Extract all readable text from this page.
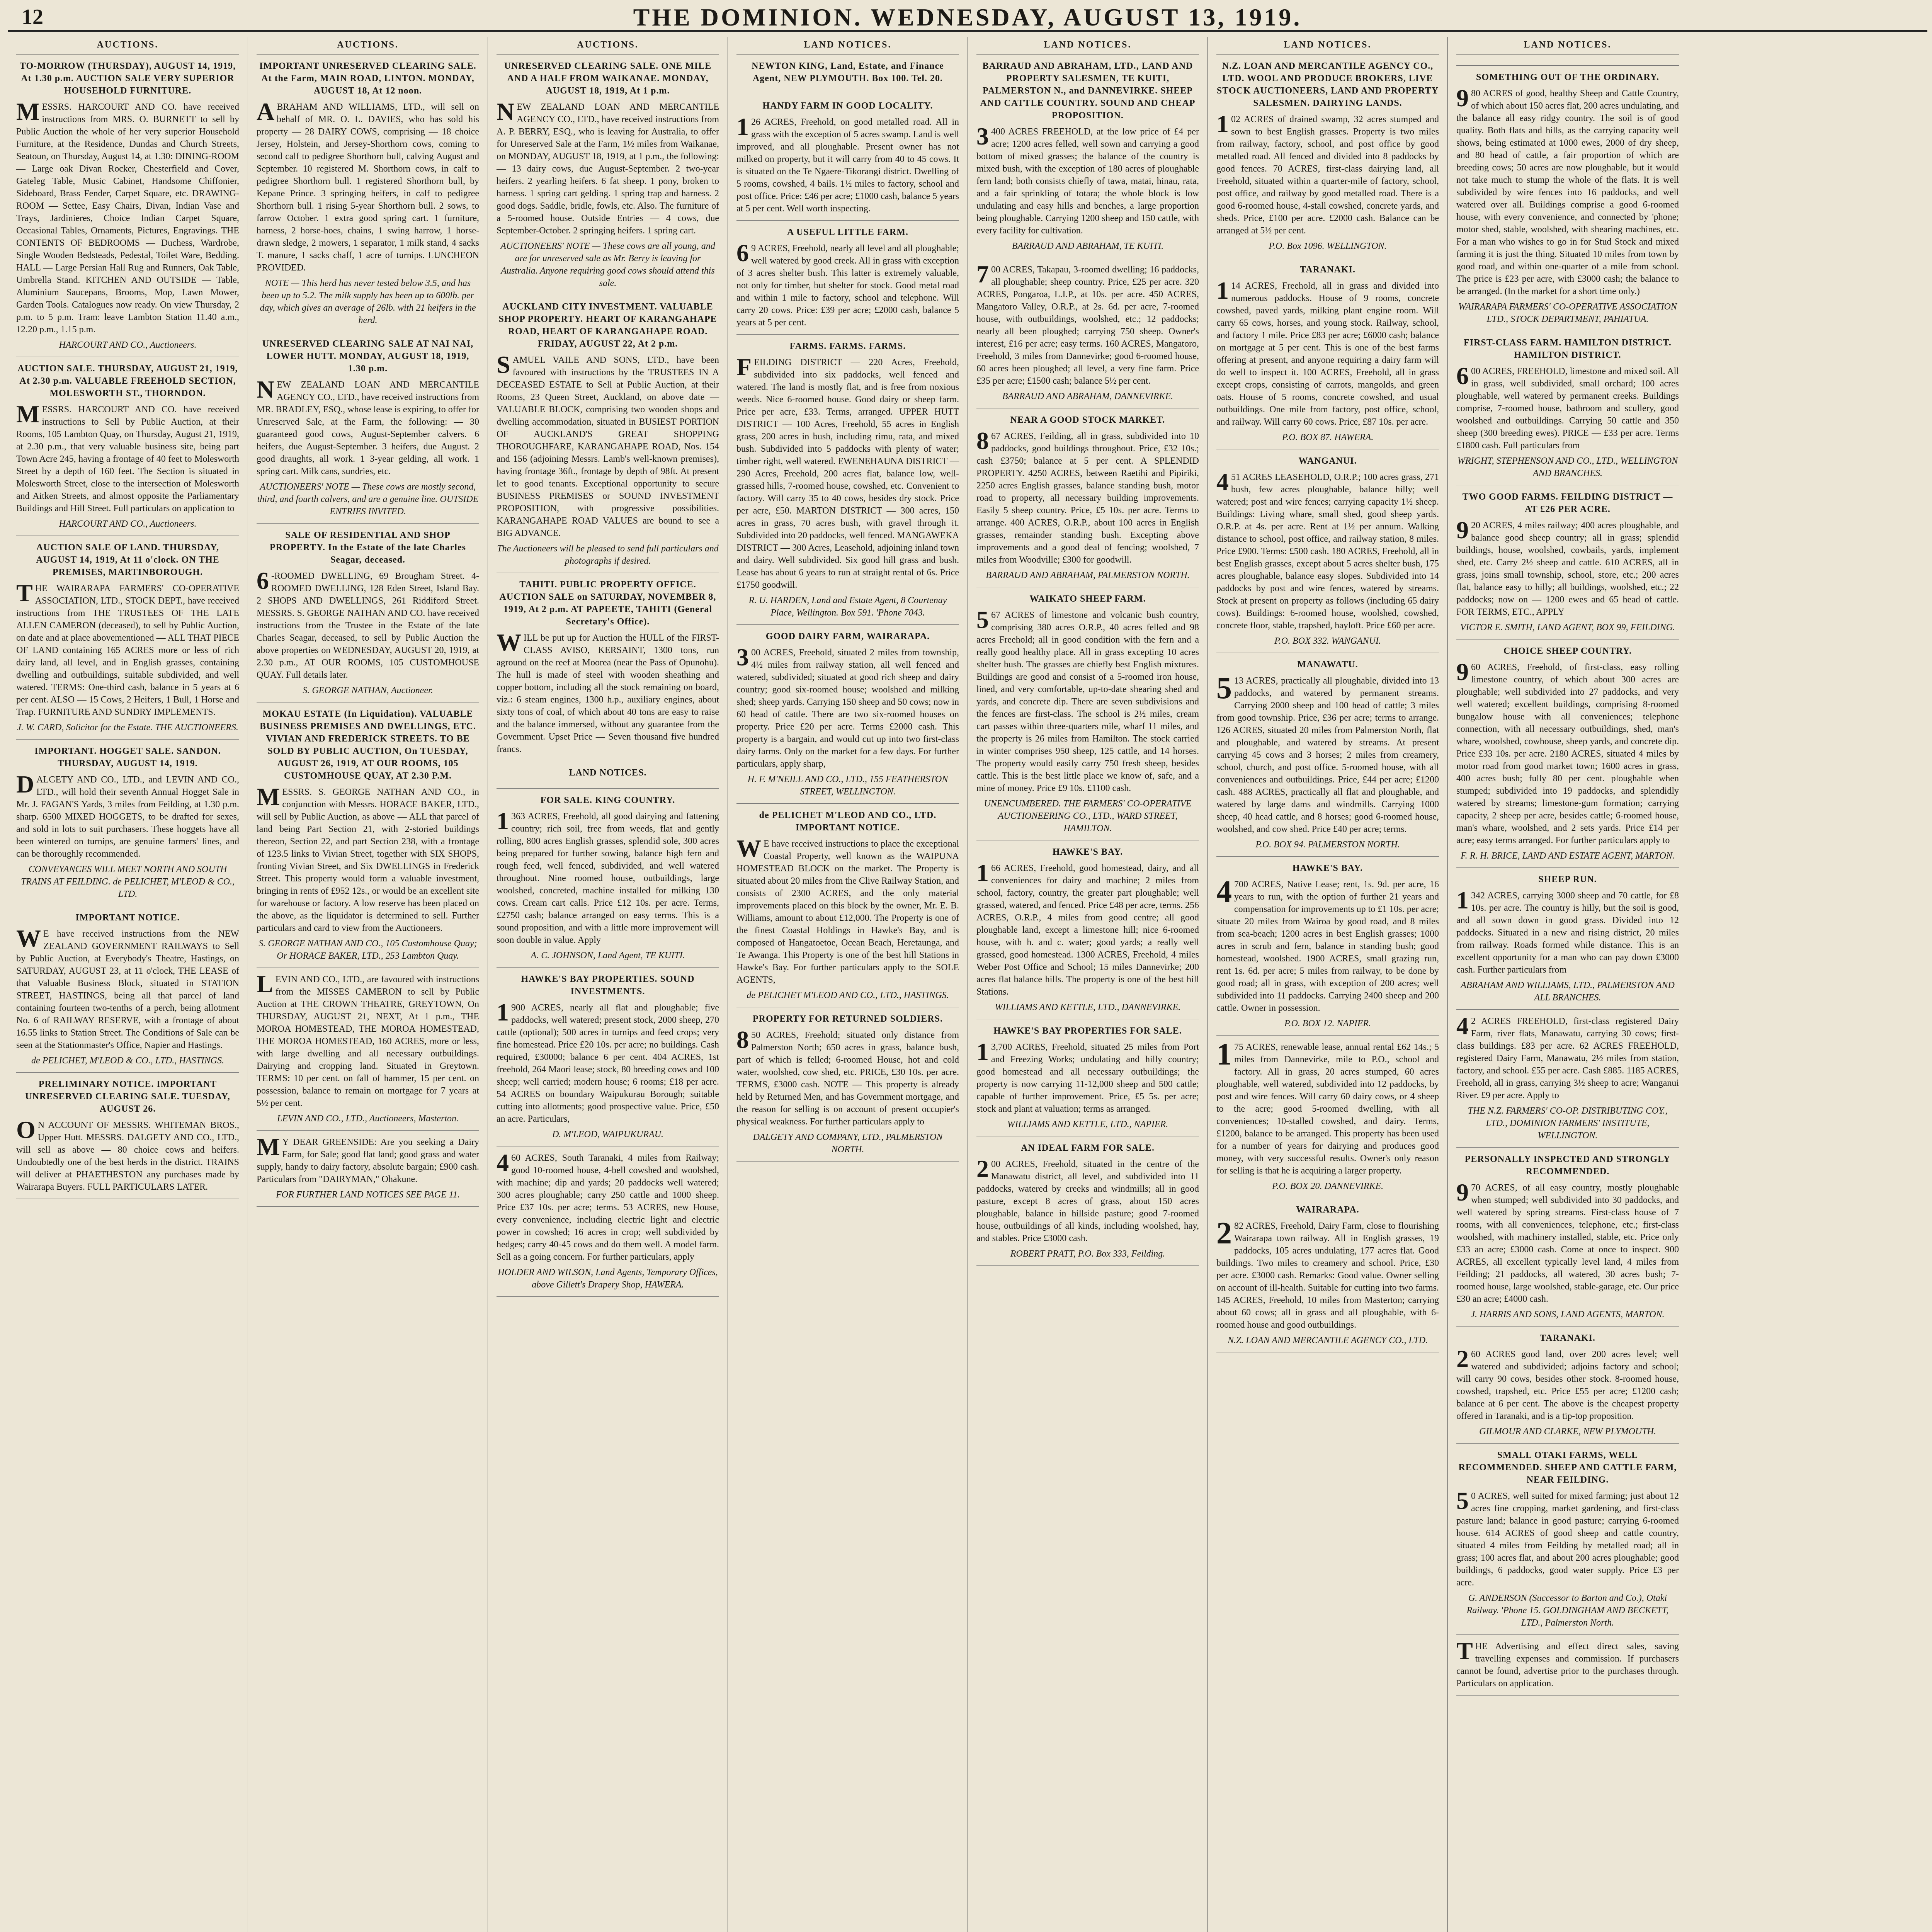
12	THE DOMINION. WEDNESDAY, AUGUST 13, 1919.
AUCTIONS.
TO-MORROW (THURSDAY), AUGUST 14, 1919, At 1.30 p.m. AUCTION SALE VERY SUPERIOR HOUSEHOLD FURNITURE.
MESSRS. HARCOURT AND CO. have received instructions from MRS. O. BURNETT to sell by Public Auction the whole of her very superior Household Furniture, at the Residence, Dundas and Church Streets, Seatoun, on Thursday, August 14, at 1.30: DINING-ROOM — Large oak Divan Rocker, Chesterfield and Cover, Gateleg Table, Music Cabinet, Handsome Chiffonier, Sideboard, Brass Fender, Carpet Square, etc. DRAWING-ROOM — Settee, Easy Chairs, Divan, Indian Vase and Trays, Jardinieres, Choice Indian Carpet Square, Occasional Tables, Ornaments, Pictures, Engravings. THE CONTENTS OF BEDROOMS — Duchess, Wardrobe, Single Wooden Bedsteads, Pedestal, Toilet Ware, Bedding. HALL — Large Persian Hall Rug and Runners, Oak Table, Umbrella Stand. KITCHEN AND OUTSIDE — Table, Aluminium Saucepans, Brooms, Mop, Lawn Mower, Garden Tools. Catalogues now ready. On view Thursday, 2 p.m. to 5 p.m. Tram: leave Lambton Station 11.40 a.m., 12.20 p.m., 1.15 p.m.
HARCOURT AND CO., Auctioneers.
AUCTION SALE. THURSDAY, AUGUST 21, 1919, At 2.30 p.m. VALUABLE FREEHOLD SECTION, MOLESWORTH ST., THORNDON.
MESSRS. HARCOURT AND CO. have received instructions to Sell by Public Auction, at their Rooms, 105 Lambton Quay, on Thursday, August 21, 1919, at 2.30 p.m., that very valuable business site, being part Town Acre 245, having a frontage of 40 feet to Molesworth Street by a depth of 160 feet. The Section is situated in Molesworth Street, close to the intersection of Molesworth and Aitken Streets, and almost opposite the Parliamentary Buildings and Hill Street. Full particulars on application to
HARCOURT AND CO., Auctioneers.
AUCTION SALE OF LAND. THURSDAY, AUGUST 14, 1919, At 11 o'clock. ON THE PREMISES, MARTINBOROUGH.
THE WAIRARAPA FARMERS' CO-OPERATIVE ASSOCIATION, LTD., STOCK DEPT., have received instructions from THE TRUSTEES OF THE LATE ALLEN CAMERON (deceased), to sell by Public Auction, on date and at place abovementioned — ALL THAT PIECE OF LAND containing 165 ACRES more or less of rich dairy land, all level, and in English grasses, containing dwelling and outbuildings, suitable subdivided, and well watered. TERMS: One-third cash, balance in 5 years at 6 per cent. ALSO — 15 Cows, 2 Heifers, 1 Bull, 1 Horse and Trap. FURNITURE AND SUNDRY IMPLEMENTS.
J. W. CARD, Solicitor for the Estate. THE AUCTIONEERS.
IMPORTANT. HOGGET SALE. SANDON. THURSDAY, AUGUST 14, 1919.
DALGETY AND CO., LTD., and LEVIN AND CO., LTD., will hold their seventh Annual Hogget Sale in Mr. J. FAGAN'S Yards, 3 miles from Feilding, at 1.30 p.m. sharp. 6500 MIXED HOGGETS, to be drafted for sexes, and sold in lots to suit purchasers. These hoggets have all been wintered on turnips, are genuine farmers' lines, and can be thoroughly recommended.
CONVEYANCES WILL MEET NORTH AND SOUTH TRAINS AT FEILDING. de PELICHET, M'LEOD & CO., LTD.
IMPORTANT NOTICE.
WE have received instructions from the NEW ZEALAND GOVERNMENT RAILWAYS to Sell by Public Auction, at Everybody's Theatre, Hastings, on SATURDAY, AUGUST 23, at 11 o'clock, THE LEASE of that Valuable Business Block, situated in STATION STREET, HASTINGS, being all that parcel of land containing fourteen two-tenths of a perch, being allotment No. 6 of RAILWAY RESERVE, with a frontage of about 16.55 links to Station Street. The Conditions of Sale can be seen at the Stationmaster's Office, Napier and Hastings.
de PELICHET, M'LEOD & CO., LTD., HASTINGS.
PRELIMINARY NOTICE. IMPORTANT UNRESERVED CLEARING SALE. TUESDAY, AUGUST 26.
ON ACCOUNT OF MESSRS. WHITEMAN BROS., Upper Hutt. MESSRS. DALGETY AND CO., LTD., will sell as above — 80 choice cows and heifers. Undoubtedly one of the best herds in the district. TRAINS will deliver at PHAETHESTON any purchases made by Wairarapa Buyers. FULL PARTICULARS LATER.
AUCTIONS.
IMPORTANT UNRESERVED CLEARING SALE. At the Farm, MAIN ROAD, LINTON. MONDAY, AUGUST 18, At 12 noon.
ABRAHAM AND WILLIAMS, LTD., will sell on behalf of MR. O. L. DAVIES, who has sold his property — 28 DAIRY COWS, comprising — 18 choice Jersey, Holstein, and Jersey-Shorthorn cows, coming to second calf to pedigree Shorthorn bull, calving August and September. 10 registered M. Shorthorn cows, in calf to pedigree Shorthorn bull. 1 registered Shorthorn bull, by Kepane Prince. 3 springing heifers, in calf to pedigree Shorthorn bull. 1 rising 5-year Shorthorn bull. 2 sows, to farrow October. 1 extra good spring cart. 1 furniture, harness, 2 horse-hoes, chains, 1 swing harrow, 1 horse-drawn sledge, 2 mowers, 1 separator, 1 milk stand, 4 sacks T. manure, 1 sacks chaff, 1 acre of turnips. LUNCHEON PROVIDED.
NOTE — This herd has never tested below 3.5, and has been up to 5.2. The milk supply has been up to 600lb. per day, which gives an average of 26lb. with 21 heifers in the herd.
UNRESERVED CLEARING SALE AT NAI NAI, LOWER HUTT. MONDAY, AUGUST 18, 1919, 1.30 p.m.
NEW ZEALAND LOAN AND MERCANTILE AGENCY CO., LTD., have received instructions from MR. BRADLEY, ESQ., whose lease is expiring, to offer for Unreserved Sale, at the Farm, the following: — 30 guaranteed good cows, August-September calvers. 6 heifers, due August-September. 3 heifers, due August. 2 good draughts, all work. 1 3-year gelding, all work. 1 spring cart. Milk cans, sundries, etc.
AUCTIONEERS' NOTE — These cows are mostly second, third, and fourth calvers, and are a genuine line. OUTSIDE ENTRIES INVITED.
SALE OF RESIDENTIAL AND SHOP PROPERTY. In the Estate of the late Charles Seagar, deceased.
6-ROOMED DWELLING, 69 Brougham Street. 4-ROOMED DWELLING, 128 Eden Street, Island Bay. 2 SHOPS AND DWELLINGS, 261 Riddiford Street. MESSRS. S. GEORGE NATHAN AND CO. have received instructions from the Trustee in the Estate of the late Charles Seagar, deceased, to sell by Public Auction the above properties on WEDNESDAY, AUGUST 20, 1919, at 2.30 p.m., AT OUR ROOMS, 105 CUSTOMHOUSE QUAY. Full details later.
S. GEORGE NATHAN, Auctioneer.
MOKAU ESTATE (In Liquidation). VALUABLE BUSINESS PREMISES AND DWELLINGS, ETC. VIVIAN AND FREDERICK STREETS. TO BE SOLD BY PUBLIC AUCTION, On TUESDAY, AUGUST 26, 1919, AT OUR ROOMS, 105 CUSTOMHOUSE QUAY, AT 2.30 P.M.
MESSRS. S. GEORGE NATHAN AND CO., in conjunction with Messrs. HORACE BAKER, LTD., will sell by Public Auction, as above — ALL that parcel of land being Part Section 21, with 2-storied buildings thereon, Section 22, and part Section 238, with a frontage of 123.5 links to Vivian Street, together with SIX SHOPS, fronting Vivian Street, and Six DWELLINGS in Frederick Street. This property would form a valuable investment, bringing in rents of £952 12s., or would be an excellent site for warehouse or factory. A low reserve has been placed on the above, as the liquidator is determined to sell. Further particulars and card to view from the Auctioneers.
S. GEORGE NATHAN AND CO., 105 Customhouse Quay; Or HORACE BAKER, LTD., 253 Lambton Quay.
LEVIN AND CO., LTD., are favoured with instructions from the MISSES CAMERON to sell by Public Auction at THE CROWN THEATRE, GREYTOWN, On THURSDAY, AUGUST 21, NEXT, At 1 p.m., THE MOROA HOMESTEAD, THE MOROA HOMESTEAD, THE MOROA HOMESTEAD, 160 ACRES, more or less, with large dwelling and all necessary outbuildings. Dairying and cropping land. Situated in Greytown. TERMS: 10 per cent. on fall of hammer, 15 per cent. on possession, balance to remain on mortgage for 7 years at 5½ per cent.
LEVIN AND CO., LTD., Auctioneers, Masterton.
MY DEAR GREENSIDE: Are you seeking a Dairy Farm, for Sale; good flat land; good grass and water supply, handy to dairy factory, absolute bargain; £900 cash. Particulars from "DAIRYMAN," Ohakune.
FOR FURTHER LAND NOTICES SEE PAGE 11.
AUCTIONS.
UNRESERVED CLEARING SALE. ONE MILE AND A HALF FROM WAIKANAE. MONDAY, AUGUST 18, 1919, At 1 p.m.
NEW ZEALAND LOAN AND MERCANTILE AGENCY CO., LTD., have received instructions from A. P. BERRY, ESQ., who is leaving for Australia, to offer for Unreserved Sale at the Farm, 1½ miles from Waikanae, on MONDAY, AUGUST 18, 1919, at 1 p.m., the following: — 13 dairy cows, due August-September. 2 two-year heifers. 2 yearling heifers. 6 fat sheep. 1 pony, broken to harness. 1 spring cart gelding. 1 spring trap and harness. 2 good dogs. Saddle, bridle, fowls, etc. Also. The furniture of a 5-roomed house. Outside Entries — 4 cows, due September-October. 2 springing heifers. 1 spring cart.
AUCTIONEERS' NOTE — These cows are all young, and are for unreserved sale as Mr. Berry is leaving for Australia. Anyone requiring good cows should attend this sale.
AUCKLAND CITY INVESTMENT. VALUABLE SHOP PROPERTY. HEART OF KARANGAHAPE ROAD, HEART OF KARANGAHAPE ROAD. FRIDAY, AUGUST 22, At 2 p.m.
SAMUEL VAILE AND SONS, LTD., have been favoured with instructions by the TRUSTEES IN A DECEASED ESTATE to Sell at Public Auction, at their Rooms, 23 Queen Street, Auckland, on above date — VALUABLE BLOCK, comprising two wooden shops and dwelling accommodation, situated in BUSIEST PORTION OF AUCKLAND'S GREAT SHOPPING THOROUGHFARE, KARANGAHAPE ROAD, Nos. 154 and 156 (adjoining Messrs. Lamb's well-known premises), having frontage 36ft., frontage by depth of 98ft. At present let to good tenants. Exceptional opportunity to secure BUSINESS PREMISES or SOUND INVESTMENT PROPOSITION, with progressive possibilities. KARANGAHAPE ROAD VALUES are bound to see a BIG ADVANCE.
The Auctioneers will be pleased to send full particulars and photographs if desired.
TAHITI. PUBLIC PROPERTY OFFICE. AUCTION SALE on SATURDAY, NOVEMBER 8, 1919, At 2 p.m. AT PAPEETE, TAHITI (General Secretary's Office).
WILL be put up for Auction the HULL of the FIRST-CLASS AVISO, KERSAINT, 1300 tons, run aground on the reef at Moorea (near the Pass of Opunohu). The hull is made of steel with wooden sheathing and copper bottom, including all the stock remaining on board, viz.: 6 steam engines, 1300 h.p., auxiliary engines, about sixty tons of coal, of which about 40 tons are easy to raise and the balance immersed, without any guarantee from the Government. Upset Price — Seven thousand five hundred francs.
LAND NOTICES.
FOR SALE. KING COUNTRY.
1363 ACRES, Freehold, all good dairying and fattening country; rich soil, free from weeds, flat and gently rolling, 800 acres English grasses, splendid sole, 300 acres being prepared for further sowing, balance high fern and rough feed, well fenced, subdivided, and well watered throughout. Nine roomed house, outbuildings, large woolshed, concreted, machine installed for milking 130 cows. Cream cart calls. Price £12 10s. per acre. Terms, £2750 cash; balance arranged on easy terms. This is a sound proposition, and with a little more improvement will soon double in value. Apply
A. C. JOHNSON, Land Agent, TE KUITI.
HAWKE'S BAY PROPERTIES. SOUND INVESTMENTS.
1900 ACRES, nearly all flat and ploughable; five paddocks, well watered; present stock, 2000 sheep, 270 cattle (optional); 500 acres in turnips and feed crops; very fine homestead. Price £20 10s. per acre; no buildings. Cash required, £30000; balance 6 per cent. 404 ACRES, 1st freehold, 264 Maori lease; stock, 80 breeding cows and 100 sheep; well carried; modern house; 6 rooms; £18 per acre. 54 ACRES on boundary Waipukurau Borough; suitable cutting into allotments; good prospective value. Price, £50 an acre. Particulars,
D. M'LEOD, WAIPUKURAU.
460 ACRES, South Taranaki, 4 miles from Railway; good 10-roomed house, 4-bell cowshed and woolshed, with machine; dip and yards; 20 paddocks well watered; 300 acres ploughable; carry 250 cattle and 1000 sheep. Price £37 10s. per acre; terms. 53 ACRES, new House, every convenience, including electric light and electric power in cowshed; 16 acres in crop; well subdivided by hedges; carry 40-45 cows and do them well. A model farm. Sell as a going concern. For further particulars, apply
HOLDER AND WILSON, Land Agents, Temporary Offices, above Gillett's Drapery Shop, HAWERA.
LAND NOTICES.
NEWTON KING, Land, Estate, and Finance Agent, NEW PLYMOUTH. Box 100. Tel. 20.
HANDY FARM IN GOOD LOCALITY.
126 ACRES, Freehold, on good metalled road. All in grass with the exception of 5 acres swamp. Land is well improved, and all ploughable. Present owner has not milked on property, but it will carry from 40 to 45 cows. It is situated on the Te Ngaere-Tikorangi district. Dwelling of 5 rooms, cowshed, 4 bails. 1½ miles to factory, school and post office. Price: £46 per acre; £1000 cash, balance 5 years at 5 per cent. Well worth inspecting.
A USEFUL LITTLE FARM.
69 ACRES, Freehold, nearly all level and all ploughable; well watered by good creek. All in grass with exception of 3 acres shelter bush. This latter is extremely valuable, not only for timber, but shelter for stock. Good metal road and within 1 mile to factory, school and telephone. Will carry 20 cows. Price: £39 per acre; £2000 cash, balance 5 years at 5 per cent.
FARMS. FARMS. FARMS.
FEILDING DISTRICT — 220 Acres, Freehold, subdivided into six paddocks, well fenced and watered. The land is mostly flat, and is free from noxious weeds. Nice 6-roomed house. Good dairy or sheep farm. Price per acre, £33. Terms, arranged. UPPER HUTT DISTRICT — 100 Acres, Freehold, 55 acres in English grass, 200 acres in bush, including rimu, rata, and mixed bush. Subdivided into 5 paddocks with plenty of water; timber right, well watered. EWENEHAUNA DISTRICT — 290 Acres, Freehold, 200 acres flat, balance low, well-grassed hills, 7-roomed house, cowshed, etc. Convenient to factory. Will carry 35 to 40 cows, besides dry stock. Price per acre, £50. MARTON DISTRICT — 300 acres, 150 acres in grass, 70 acres bush, with gravel through it. Subdivided into 20 paddocks, well fenced. MANGAWEKA DISTRICT — 300 Acres, Leasehold, adjoining inland town and dairy. Well subdivided. Six good hill grass and bush. Lease has about 6 years to run at straight rental of 6s. Price £1750 goodwill.
R. U. HARDEN, Land and Estate Agent, 8 Courtenay Place, Wellington. Box 591. 'Phone 7043.
GOOD DAIRY FARM, WAIRARAPA.
300 ACRES, Freehold, situated 2 miles from township, 4½ miles from railway station, all well fenced and watered, subdivided; situated at good rich sheep and dairy country; good six-roomed house; woolshed and milking shed; sheep yards. Carrying 150 sheep and 50 cows; now in 60 head of cattle. There are two six-roomed houses on property. Price £20 per acre. Terms £2000 cash. This property is a bargain, and would cut up into two first-class dairy farms. Only on the market for a few days. For further particulars, apply sharp,
H. F. M'NEILL AND CO., LTD., 155 FEATHERSTON STREET, WELLINGTON.
de PELICHET M'LEOD AND CO., LTD. IMPORTANT NOTICE.
WE have received instructions to place the exceptional Coastal Property, well known as the WAIPUNA HOMESTEAD BLOCK on the market. The Property is situated about 20 miles from the Clive Railway Station, and consists of 2300 ACRES, and the only material improvements placed on this block by the owner, Mr. E. B. Williams, amount to about £12,000. The Property is one of the finest Coastal Holdings in Hawke's Bay, and is composed of Hangatoetoe, Ocean Beach, Heretaunga, and Te Awanga. This Property is one of the best hill Stations in Hawke's Bay. For further particulars apply to the SOLE AGENTS,
de PELICHET M'LEOD AND CO., LTD., HASTINGS.
PROPERTY FOR RETURNED SOLDIERS.
850 ACRES, Freehold; situated only distance from Palmerston North; 650 acres in grass, balance bush, part of which is felled; 6-roomed House, hot and cold water, woolshed, cow shed, etc. PRICE, £30 10s. per acre. TERMS, £3000 cash. NOTE — This property is already held by Returned Men, and has Government mortgage, and the reason for selling is on account of present occupier's physical weakness. For further particulars apply to
DALGETY AND COMPANY, LTD., PALMERSTON NORTH.
LAND NOTICES.
BARRAUD AND ABRAHAM, LTD., LAND AND PROPERTY SALESMEN, TE KUITI, PALMERSTON N., and DANNEVIRKE. SHEEP AND CATTLE COUNTRY. SOUND AND CHEAP PROPOSITION.
3400 ACRES FREEHOLD, at the low price of £4 per acre; 1200 acres felled, well sown and carrying a good bottom of mixed grasses; the balance of the country is mixed bush, with the exception of 180 acres of ploughable fern land; both consists chiefly of tawa, matai, hinau, rata, and a fair sprinkling of totara; the whole block is low undulating and easy hills and benches, a large proportion being ploughable. Carrying 1200 sheep and 150 cattle, with every facility for cultivation.
BARRAUD AND ABRAHAM, TE KUITI.
700 ACRES, Takapau, 3-roomed dwelling; 16 paddocks, all ploughable; sheep country. Price, £25 per acre. 320 ACRES, Pongaroa, L.I.P., at 10s. per acre. 450 ACRES, Mangatoro Valley, O.R.P., at 2s. 6d. per acre, 7-roomed house, with outbuildings, woolshed, etc.; 12 paddocks; nearly all been ploughed; carrying 750 sheep. Owner's interest, £16 per acre; easy terms. 160 ACRES, Mangatoro, Freehold, 3 miles from Dannevirke; good 6-roomed house, 60 acres been ploughed; all level, a very fine farm. Price £35 per acre; £1500 cash; balance 5½ per cent.
BARRAUD AND ABRAHAM, DANNEVIRKE.
NEAR A GOOD STOCK MARKET.
867 ACRES, Feilding, all in grass, subdivided into 10 paddocks, good buildings throughout. Price, £32 10s.; cash £3750; balance at 5 per cent. A SPLENDID PROPERTY. 4250 ACRES, between Raetihi and Pipiriki, 2250 acres English grasses, balance standing bush, motor road to property, all necessary building improvements. Easily 5 sheep country. Price, £5 10s. per acre. Terms to arrange. 400 ACRES, O.R.P., about 100 acres in English grasses, remainder standing bush. Excepting above improvements and a good deal of fencing; woolshed, 7 miles from Woodville; £300 for goodwill.
BARRAUD AND ABRAHAM, PALMERSTON NORTH.
WAIKATO SHEEP FARM.
567 ACRES of limestone and volcanic bush country, comprising 380 acres O.R.P., 40 acres felled and 98 acres Freehold; all in good condition with the fern and a really good healthy place. All in grass excepting 10 acres shelter bush. The grasses are chiefly best English mixtures. Buildings are good and consist of a 5-roomed iron house, lined, and very comfortable, up-to-date shearing shed and yards, and concrete dip. There are seven subdivisions and the fences are first-class. The school is 2½ miles, cream cart passes within three-quarters mile, wharf 11 miles, and the property is 26 miles from Hamilton. The stock carried in winter comprises 950 sheep, 125 cattle, and 14 horses. The property would easily carry 750 fresh sheep, besides cattle. This is the best little place we know of, safe, and a mine of money. Price £9 10s. £1100 cash.
UNENCUMBERED. THE FARMERS' CO-OPERATIVE AUCTIONEERING CO., LTD., WARD STREET, HAMILTON.
HAWKE'S BAY.
166 ACRES, Freehold, good homestead, dairy, and all conveniences for dairy and machine; 2 miles from school, factory, country, the greater part ploughable; well grassed, watered, and fenced. Price £48 per acre, terms. 256 ACRES, O.R.P., 4 miles from good centre; all good ploughable land, except a limestone hill; nice 6-roomed house, with h. and c. water; good yards; a really well grassed, good homestead. 1300 ACRES, Freehold, 4 miles Weber Post Office and School; 15 miles Dannevirke; 200 acres flat balance hills. The property is one of the best hill Stations.
WILLIAMS AND KETTLE, LTD., DANNEVIRKE.
HAWKE'S BAY PROPERTIES FOR SALE.
13,700 ACRES, Freehold, situated 25 miles from Port and Freezing Works; undulating and hilly country; good homestead and all necessary outbuildings; the property is now carrying 11-12,000 sheep and 500 cattle; capable of further improvement. Price, £5 5s. per acre; stock and plant at valuation; terms as arranged.
WILLIAMS AND KETTLE, LTD., NAPIER.
AN IDEAL FARM FOR SALE.
200 ACRES, Freehold, situated in the centre of the Manawatu district, all level, and subdivided into 11 paddocks, watered by creeks and windmills; all in good pasture, except 8 acres of grass, about 150 acres ploughable, balance in hillside pasture; good 7-roomed house, outbuildings of all kinds, including woolshed, hay, and stables. Price £3000 cash.
ROBERT PRATT, P.O. Box 333, Feilding.
LAND NOTICES.
N.Z. LOAN AND MERCANTILE AGENCY CO., LTD. WOOL AND PRODUCE BROKERS, LIVE STOCK AUCTIONEERS, LAND AND PROPERTY SALESMEN. DAIRYING LANDS.
102 ACRES of drained swamp, 32 acres stumped and sown to best English grasses. Property is two miles from railway, factory, school, and post office by good metalled road. All fenced and divided into 8 paddocks by good fences. 70 ACRES, first-class dairying land, all Freehold, situated within a quarter-mile of factory, school, post office, and railway by good metalled road. There is a good 6-roomed house, 4-stall cowshed, concrete yards, and sheds. Price, £100 per acre. £2000 cash. Balance can be arranged at 5½ per cent.
P.O. Box 1096. WELLINGTON.
TARANAKI.
114 ACRES, Freehold, all in grass and divided into numerous paddocks. House of 9 rooms, concrete cowshed, paved yards, milking plant engine room. Will carry 65 cows, horses, and young stock. Railway, school, and factory 1 mile. Price £83 per acre; £6000 cash; balance on mortgage at 5 per cent. This is one of the best farms offering at present, and anyone requiring a dairy farm will do well to inspect it. 100 ACRES, Freehold, all in grass except crops, consisting of carrots, mangolds, and green oats. House of 5 rooms, concrete cowshed, and usual outbuildings. One mile from factory, post office, school, and railway. Will carry 60 cows. Price, £87 10s. per acre.
P.O. BOX 87. HAWERA.
WANGANUI.
451 ACRES LEASEHOLD, O.R.P.; 100 acres grass, 271 bush, few acres ploughable, balance hilly; well watered; post and wire fences; carrying capacity 1½ sheep. Buildings: Living whare, small shed, good sheep yards. O.R.P. at 4s. per acre. Rent at 1½ per annum. Walking distance to school, post office, and railway station, 8 miles. Price £900. Terms: £500 cash. 180 ACRES, Freehold, all in best English grasses, except about 5 acres shelter bush, 175 acres ploughable, balance easy slopes. Subdivided into 14 paddocks by post and wire fences, watered by streams. Stock at present on property as follows (including 65 dairy cows). Buildings: 6-roomed house, woolshed, cowshed, concrete floor, stable, trapshed, hayloft. Price £60 per acre.
P.O. BOX 332. WANGANUI.
MANAWATU.
513 ACRES, practically all ploughable, divided into 13 paddocks, and watered by permanent streams. Carrying 2000 sheep and 100 head of cattle; 3 miles from good township. Price, £36 per acre; terms to arrange. 126 ACRES, situated 20 miles from Palmerston North, flat and ploughable, and watered by streams. At present carrying 45 cows and 3 horses; 2 miles from creamery, school, church, and post office. 5-roomed house, with all conveniences and outbuildings. Price, £44 per acre; £1200 cash. 488 ACRES, practically all flat and ploughable, and watered by large dams and windmills. Carrying 1000 sheep, 40 head cattle, and 8 horses; good 6-roomed house, woolshed, and cow shed. Price £40 per acre; terms.
P.O. BOX 94. PALMERSTON NORTH.
HAWKE'S BAY.
4700 ACRES, Native Lease; rent, 1s. 9d. per acre, 16 years to run, with the option of further 21 years and compensation for improvements up to £1 10s. per acre; situate 20 miles from Wairoa by good road, and 8 miles from sea-beach; 1200 acres in best English grasses; 1000 acres in scrub and fern, balance in standing bush; good homestead, woolshed. 1900 ACRES, small grazing run, rent 1s. 6d. per acre; 5 miles from railway, to be done by good road; all in grass, with exception of 200 acres; well subdivided into 11 paddocks. Carrying 2400 sheep and 200 cattle. Owner in possession.
P.O. BOX 12. NAPIER.
175 ACRES, renewable lease, annual rental £62 14s.; 5 miles from Dannevirke, mile to P.O., school and factory. All in grass, 20 acres stumped, 60 acres ploughable, well watered, subdivided into 12 paddocks, by post and wire fences. Will carry 60 dairy cows, or 4 sheep to the acre; good 5-roomed dwelling, with all conveniences; 10-stalled cowshed, and dairy. Terms, £1200, balance to be arranged. This property has been used for a number of years for dairying and produces good money, with very successful results. Owner's only reason for selling is that he is acquiring a larger property.
P.O. BOX 20. DANNEVIRKE.
WAIRARAPA.
282 ACRES, Freehold, Dairy Farm, close to flourishing Wairarapa town railway. All in English grasses, 19 paddocks, 105 acres undulating, 177 acres flat. Good buildings. Two miles to creamery and school. Price, £30 per acre. £3000 cash. Remarks: Good value. Owner selling on account of ill-health. Suitable for cutting into two farms. 145 ACRES, Freehold, 10 miles from Masterton; carrying about 60 cows; all in grass and all ploughable, with 6-roomed house and good outbuildings.
N.Z. LOAN AND MERCANTILE AGENCY CO., LTD.
LAND NOTICES.
SOMETHING OUT OF THE ORDINARY.
980 ACRES of good, healthy Sheep and Cattle Country, of which about 150 acres flat, 200 acres undulating, and the balance all easy ridgy country. The soil is of good quality. Both flats and hills, as the carrying capacity well shows, being estimated at 1000 ewes, 2000 of dry sheep, and 80 head of cattle, a fair proportion of which are breeding cows; 50 acres are now ploughable, but it would not take much to stump the whole of the flats. It is well subdivided by wire fences into 16 paddocks, and well watered over all. Buildings comprise a good 6-roomed house, with every convenience, and connected by 'phone; motor shed, stable, woolshed, with shearing machines, etc. For a man who wishes to go in for Stud Stock and mixed farming it is just the thing. Situated 10 miles from town by good road, and within one-quarter of a mile from school. The price is £23 per acre, with £3000 cash; the balance to be arranged. (In the market for a short time only.)
WAIRARAPA FARMERS' CO-OPERATIVE ASSOCIATION LTD., STOCK DEPARTMENT, PAHIATUA.
FIRST-CLASS FARM. HAMILTON DISTRICT. HAMILTON DISTRICT.
600 ACRES, FREEHOLD, limestone and mixed soil. All in grass, well subdivided, small orchard; 100 acres ploughable, well watered by permanent creeks. Buildings comprise, 7-roomed house, bathroom and scullery, good woolshed and outbuildings. Carrying 50 cattle and 350 sheep (300 breeding ewes). PRICE — £33 per acre. Terms £1800 cash. Full particulars from
WRIGHT, STEPHENSON AND CO., LTD., WELLINGTON AND BRANCHES.
TWO GOOD FARMS. FEILDING DISTRICT — AT £26 PER ACRE.
920 ACRES, 4 miles railway; 400 acres ploughable, and balance good sheep country; all in grass; splendid buildings, house, woolshed, cowbails, yards, implement shed, etc. Carry 2½ sheep and cattle. 610 ACRES, all in grass, joins small township, school, store, etc.; 200 acres flat, balance easy to hilly; all buildings, woolshed, etc.; 22 paddocks; now on — 1200 ewes and 65 head of cattle. FOR TERMS, ETC., APPLY
VICTOR E. SMITH, LAND AGENT, BOX 99, FEILDING.
CHOICE SHEEP COUNTRY.
960 ACRES, Freehold, of first-class, easy rolling limestone country, of which about 300 acres are ploughable; well subdivided into 27 paddocks, and very well watered; excellent buildings, comprising 8-roomed bungalow house with all conveniences; telephone connection, with all necessary outbuildings, shed, man's whare, woolshed, cowhouse, sheep yards, and concrete dip. Price £33 10s. per acre. 2180 ACRES, situated 4 miles by motor road from good market town; 1600 acres in grass, 400 acres bush; fully 80 per cent. ploughable when stumped; subdivided into 19 paddocks, and splendidly watered by streams; limestone-gum formation; carrying capacity, 2 sheep per acre, besides cattle; 6-roomed house, man's whare, woolshed, and 2 sets yards. Price £14 per acre; easy terms arranged. For further particulars apply to
F. R. H. BRICE, LAND AND ESTATE AGENT, MARTON.
SHEEP RUN.
1342 ACRES, carrying 3000 sheep and 70 cattle, for £8 10s. per acre. The country is hilly, but the soil is good, and all sown down in good grass. Divided into 12 paddocks. Situated in a new and rising district, 20 miles from railway. Roads formed while distance. This is an excellent opportunity for a man who can pay down £3000 cash. Further particulars from
ABRAHAM AND WILLIAMS, LTD., PALMERSTON AND ALL BRANCHES.
42 ACRES FREEHOLD, first-class registered Dairy Farm, river flats, Manawatu, carrying 30 cows; first-class buildings. £83 per acre. 62 ACRES FREEHOLD, registered Dairy Farm, Manawatu, 2½ miles from station, factory, and school. £55 per acre. Cash £885. 1185 ACRES, Freehold, all in grass, carrying 3½ sheep to acre; Wanganui River. £9 per acre. Apply to
THE N.Z. FARMERS' CO-OP. DISTRIBUTING COY., LTD., DOMINION FARMERS' INSTITUTE, WELLINGTON.
PERSONALLY INSPECTED AND STRONGLY RECOMMENDED.
970 ACRES, of all easy country, mostly ploughable when stumped; well subdivided into 30 paddocks, and well watered by spring streams. First-class house of 7 rooms, with all conveniences, telephone, etc.; first-class woolshed, with machinery installed, stable, etc. Price only £33 an acre; £3000 cash. Come at once to inspect. 900 ACRES, all excellent typically level land, 4 miles from Feilding; 21 paddocks, all watered, 30 acres bush; 7-roomed house, large woolshed, stable-garage, etc. Our price £30 an acre; £4000 cash.
J. HARRIS AND SONS, LAND AGENTS, MARTON.
TARANAKI.
260 ACRES good land, over 200 acres level; well watered and subdivided; adjoins factory and school; will carry 90 cows, besides other stock. 8-roomed house, cowshed, trapshed, etc. Price £55 per acre; £1200 cash; balance at 6 per cent. The above is the cheapest property offered in Taranaki, and is a tip-top proposition.
GILMOUR AND CLARKE, NEW PLYMOUTH.
SMALL OTAKI FARMS, WELL RECOMMENDED. SHEEP AND CATTLE FARM, NEAR FEILDING.
50 ACRES, well suited for mixed farming; just about 12 acres fine cropping, market gardening, and first-class pasture land; balance in good pasture; carrying 6-roomed house. 614 ACRES of good sheep and cattle country, situated 4 miles from Feilding by metalled road; all in grass; 100 acres flat, and about 200 acres ploughable; good buildings, 6 paddocks, good water supply. Price £3 per acre.
G. ANDERSON (Successor to Barton and Co.), Otaki Railway. 'Phone 15. GOLDINGHAM AND BECKETT, LTD., Palmerston North.
THE Advertising and effect direct sales, saving travelling expenses and commission. If purchasers cannot be found, advertise prior to the purchases through. Particulars on application.
